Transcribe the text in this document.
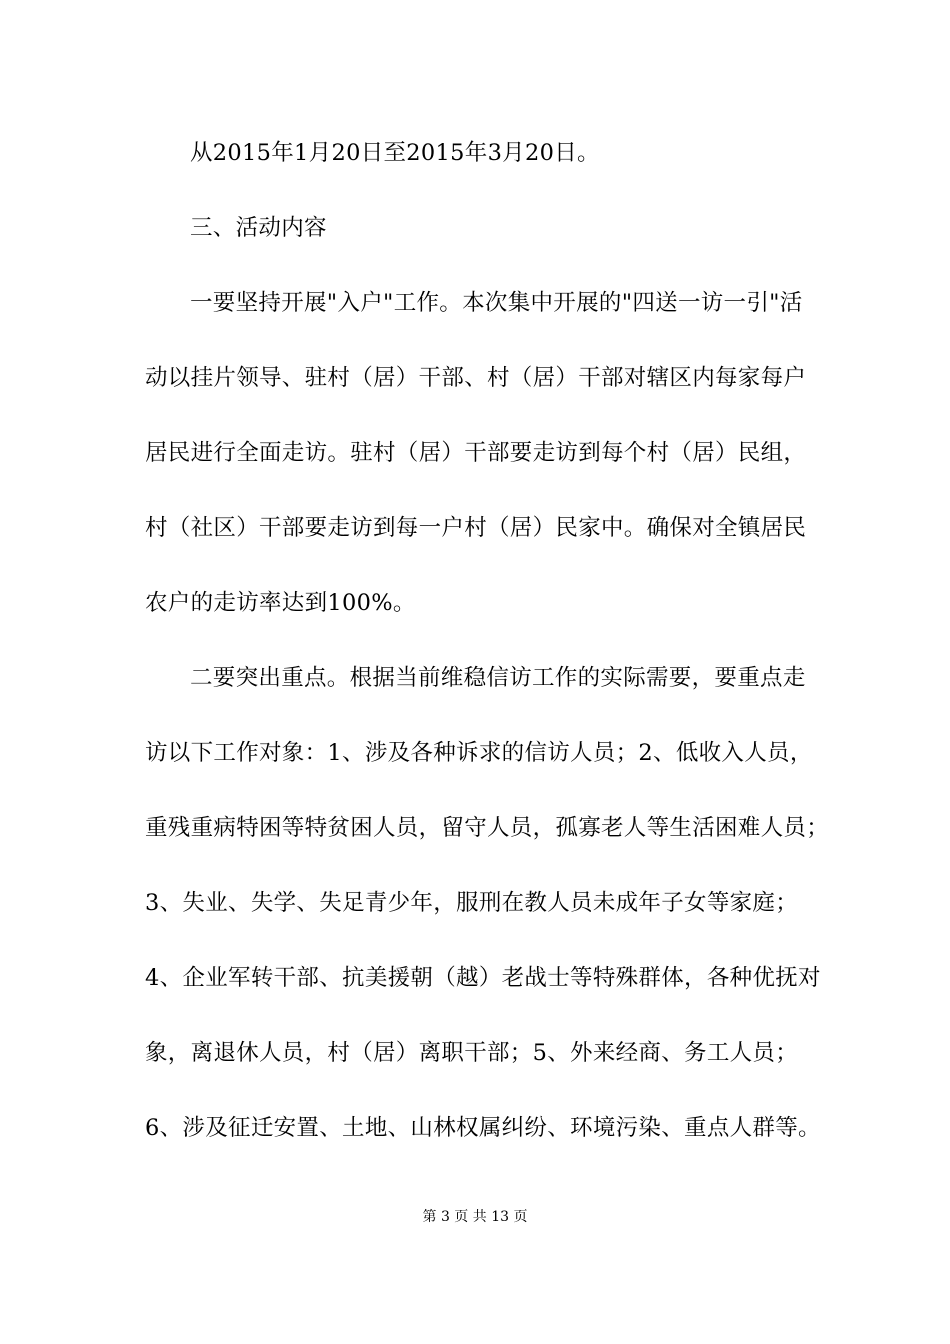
从2015年1月20日至2015年3月20日。
三、活动内容
一要坚持开展"入户"工作。本次集中开展的"四送一访一引"活
动以挂片领导、驻村（居）干部、村（居）干部对辖区内每家每户
居民进行全面走访。驻村（居）干部要走访到每个村（居）民组，
村（社区）干部要走访到每一户村（居）民家中。确保对全镇居民
农户的走访率达到100%。
二要突出重点。根据当前维稳信访工作的实际需要，要重点走
访以下工作对象：1、涉及各种诉求的信访人员；2、低收入人员，
重残重病特困等特贫困人员，留守人员，孤寡老人等生活困难人员；
3、失业、失学、失足青少年，服刑在教人员未成年子女等家庭；
4、企业军转干部、抗美援朝（越）老战士等特殊群体，各种优抚对
象，离退休人员，村（居）离职干部；5、外来经商、务工人员；
6、涉及征迁安置、土地、山林权属纠纷、环境污染、重点人群等。
第 3 页 共 13 页
